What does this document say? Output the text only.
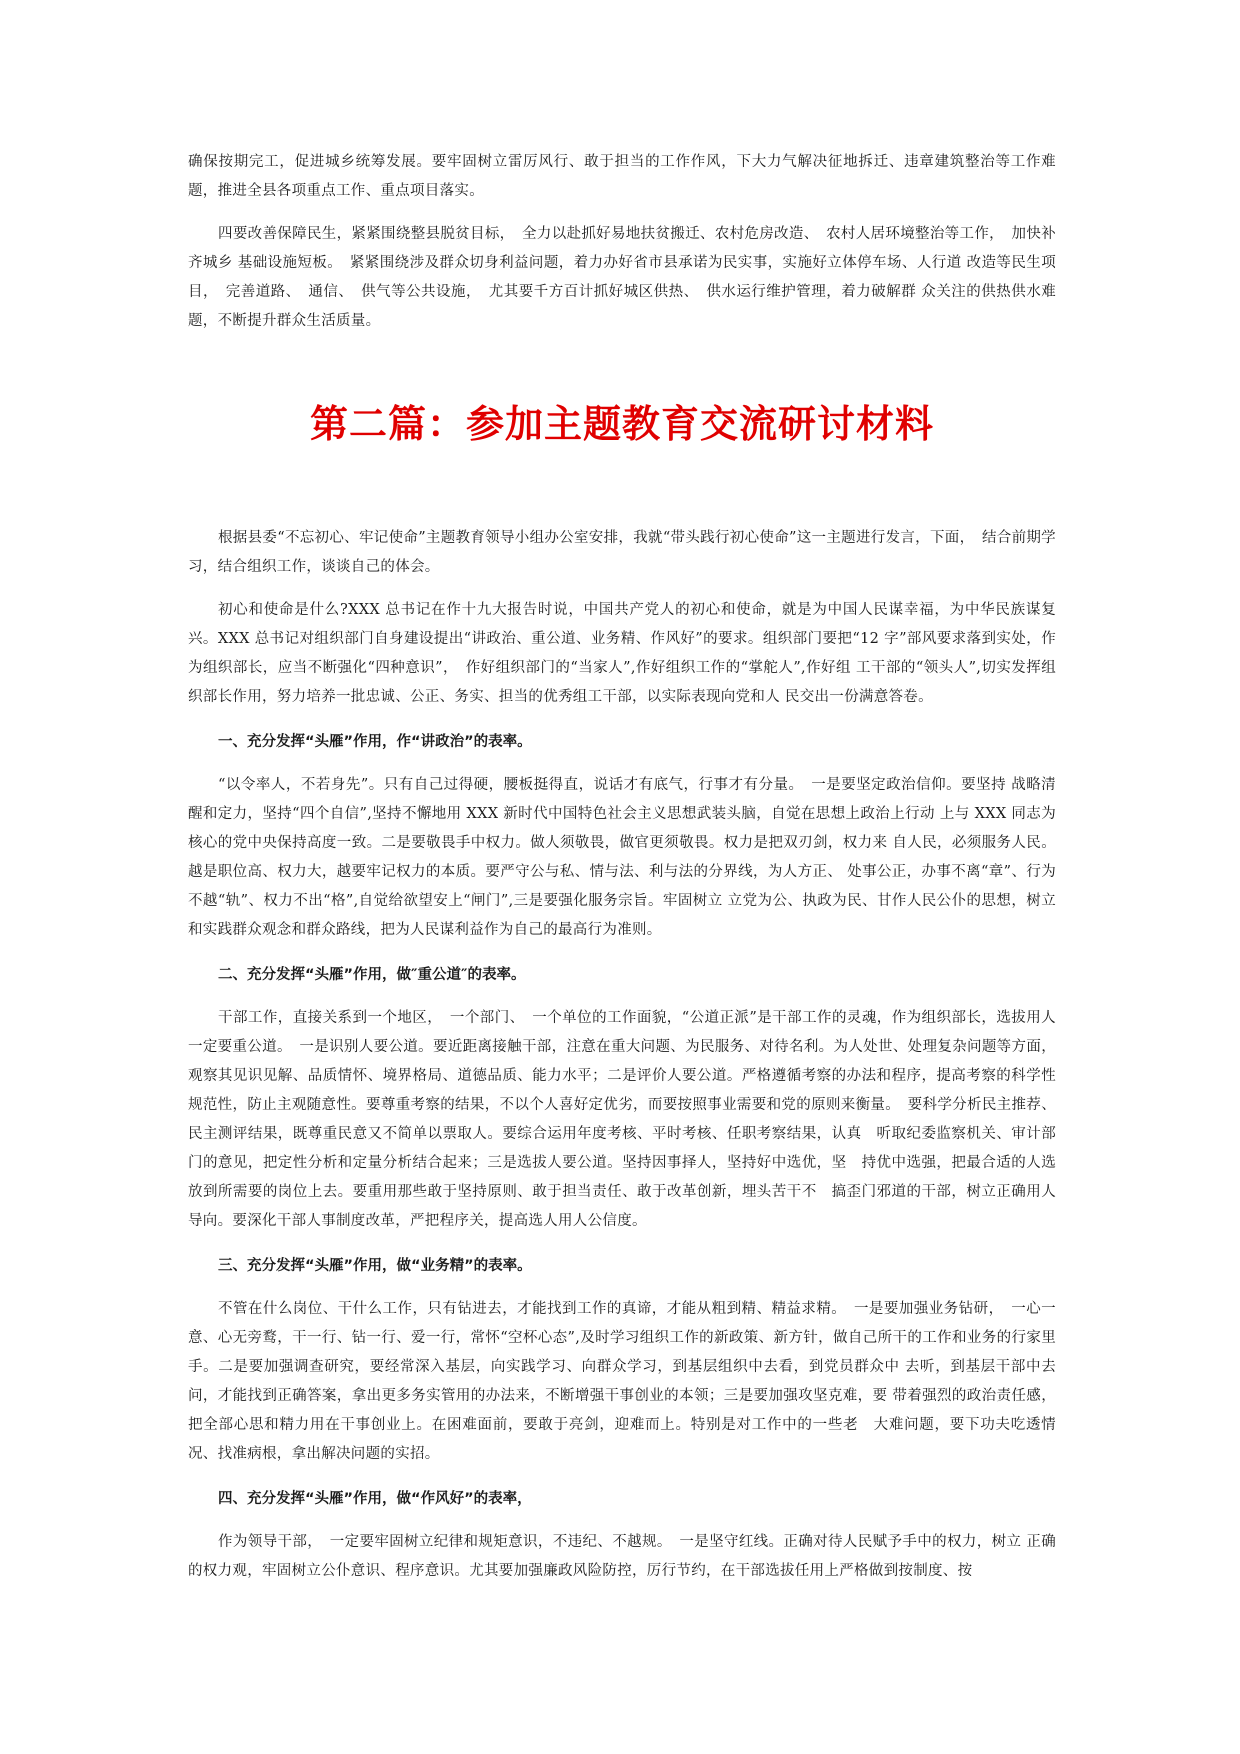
确保按期完工，促进城乡统筹发展。要牢固树立雷厉风行、敢于担当的工作作风，下大力气解决征地拆迁、违章建筑整治等工作难题，推进全县各项重点工作、重点项目落实。

四要改善保障民生，紧紧围绕整县脱贫目标，　全力以赴抓好易地扶贫搬迁、农村危房改造、　农村人居环境整治等工作，　加快补齐城乡 基础设施短板。　紧紧围绕涉及群众切身利益问题，着力办好省市县承诺为民实事，实施好立体停车场、人行道 改造等民生项目，　完善道路、　通信、　供气等公共设施，　尤其要千方百计抓好城区供热、　供水运行维护管理，着力破解群 众关注的供热供水难题，不断提升群众生活质量。

第二篇：参加主题教育交流研讨材料

根据县委“不忘初心、牢记使命”主题教育领导小组办公室安排，我就“带头践行初心使命”这一主题进行发言，下面，　结合前期学习，结合组织工作，谈谈自己的体会。

初心和使命是什么?XXX 总书记在作十九大报告时说，中国共产党人的初心和使命，就是为中国人民谋幸福，为中华民族谋复兴。XXX 总书记对组织部门自身建设提出“讲政治、重公道、业务精、作风好”的要求。组织部门要把“12 字”部风要求落到实处，作为组织部长，应当不断强化“四种意识”，　作好组织部门的“当家人”,作好组织工作的“掌舵人”,作好组 工干部的“领头人”,切实发挥组织部长作用，努力培养一批忠诚、公正、务实、担当的优秀组工干部，以实际表现向党和人 民交出一份满意答卷。

一、充分发挥“头雁”作用，作“讲政治”的表率。

“以令率人，不若身先”。只有自己过得硬，腰板挺得直，说话才有底气，行事才有分量。　一是要坚定政治信仰。要坚持 战略清醒和定力，坚持“四个自信”,坚持不懈地用 XXX 新时代中国特色社会主义思想武装头脑，自觉在思想上政治上行动 上与 XXX 同志为核心的党中央保持高度一致。二是要敬畏手中权力。做人须敬畏，做官更须敬畏。权力是把双刃剑，权力来 自人民，必须服务人民。越是职位高、权力大，越要牢记权力的本质。要严守公与私、情与法、利与法的分界线，为人方正、 处事公正，办事不离“章”、行为不越“轨”、权力不出“格”,自觉给欲望安上“闸门”,三是要强化服务宗旨。牢固树立 立党为公、执政为民、甘作人民公仆的思想，树立和实践群众观念和群众路线，把为人民谋利益作为自己的最高行为准则。

二、充分发挥“头雁”作用，做″重公道″的表率。

干部工作，直接关系到一个地区，　一个部门、　一个单位的工作面貌，“公道正派”是干部工作的灵魂，作为组织部长，选拔用人一定要重公道。　一是识别人要公道。要近距离接触干部，注意在重大问题、为民服务、对待名利。为人处世、处理复杂问题等方面，观察其见识见解、品质情怀、境界格局、道德品质、能力水平；二是评价人要公道。严格遵循考察的办法和程序，提高考察的科学性规范性，防止主观随意性。要尊重考察的结果，不以个人喜好定优劣，而要按照事业需要和党的原则来衡量。　要科学分析民主推荐、民主测评结果，既尊重民意又不简单以票取人。要综合运用年度考核、平时考核、任职考察结果，认真　听取纪委监察机关、审计部门的意见，把定性分析和定量分析结合起来；三是选拔人要公道。坚持因事择人，坚持好中选优，坚　持优中选强，把最合适的人选放到所需要的岗位上去。要重用那些敢于坚持原则、敢于担当责任、敢于改革创新，埋头苦干不　搞歪门邪道的干部，树立正确用人导向。要深化干部人事制度改革，严把程序关，提高选人用人公信度。

三、充分发挥“头雁”作用，做“业务精”的表率。

不管在什么岗位、干什么工作，只有钻进去，才能找到工作的真谛，才能从粗到精、精益求精。　一是要加强业务钻研，　一心一意、心无旁鹜，干一行、钻一行、爱一行，常怀“空杯心态”,及时学习组织工作的新政策、新方针，做自己所干的工作和业务的行家里手。二是要加强调查研究，要经常深入基层，向实践学习、向群众学习，到基层组织中去看，到党员群众中 去听，到基层干部中去问，才能找到正确答案，拿出更多务实管用的办法来，不断增强干事创业的本领；三是要加强攻坚克难，要 带着强烈的政治责任感，把全部心思和精力用在干事创业上。在困难面前，要敢于亮剑，迎难而上。特别是对工作中的一些老　大难问题，要下功夫吃透情况、找准病根，拿出解决问题的实招。

四、充分发挥“头雁”作用，做“作风好”的表率，

作为领导干部，　一定要牢固树立纪律和规矩意识，不违纪、不越规。　一是坚守红线。正确对待人民赋予手中的权力，树立 正确的权力观，牢固树立公仆意识、程序意识。尤其要加强廉政风险防控，厉行节约，在干部选拔任用上严格做到按制度、按
